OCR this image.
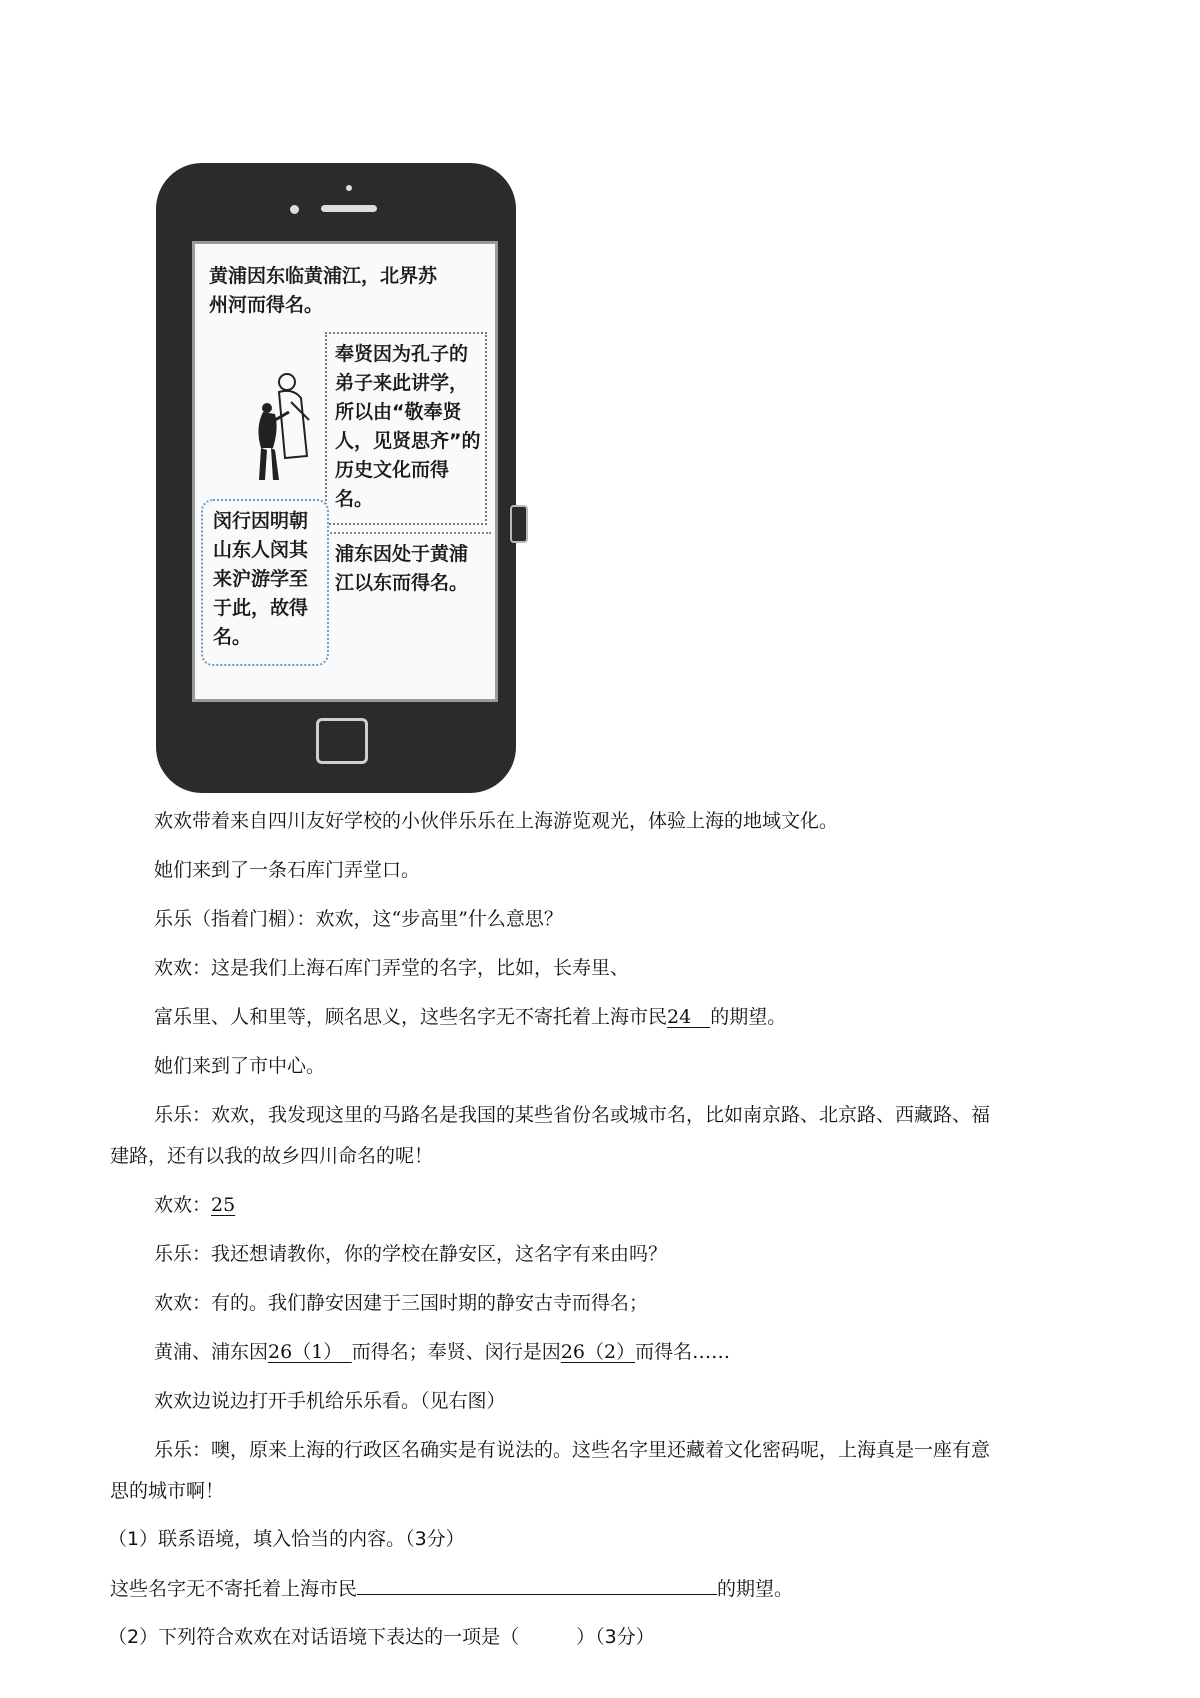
黄浦因东临黄浦江，北界苏州河而得名。

奉贤因为孔子的弟子来此讲学，所以由“敬奉贤人，见贤思齐”的历史文化而得名。

闵行因明朝山东人闵其来沪游学至于此，故得名。

浦东因处于黄浦江以东而得名。

欢欢带着来自四川友好学校的小伙伴乐乐在上海游览观光，体验上海的地域文化。

她们来到了一条石库门弄堂口。

乐乐（指着门楣）：欢欢，这“步高里”什么意思？

欢欢：这是我们上海石库门弄堂的名字，比如，长寿里、

富乐里、人和里等，顾名思义，这些名字无不寄托着上海市民24　 的期望。

她们来到了市中心。

乐乐：欢欢，我发现这里的马路名是我国的某些省份名或城市名，比如南京路、北京路、西藏路、福

建路，还有以我的故乡四川命名的呢！

欢欢：25

乐乐：我还想请教你，你的学校在静安区，这名字有来由吗？

欢欢：有的。我们静安因建于三国时期的静安古寺而得名；

黄浦、浦东因26（1）　 而得名；奉贤、闵行是因26（2）而得名……

欢欢边说边打开手机给乐乐看。（见右图）

乐乐：噢，原来上海的行政区名确实是有说法的。这些名字里还藏着文化密码呢，上海真是一座有意

思的城市啊！

（1）联系语境，填入恰当的内容。（3分）

这些名字无不寄托着上海市民	的期望。

（2）下列符合欢欢在对话语境下表达的一项是（　　　）（3分）
